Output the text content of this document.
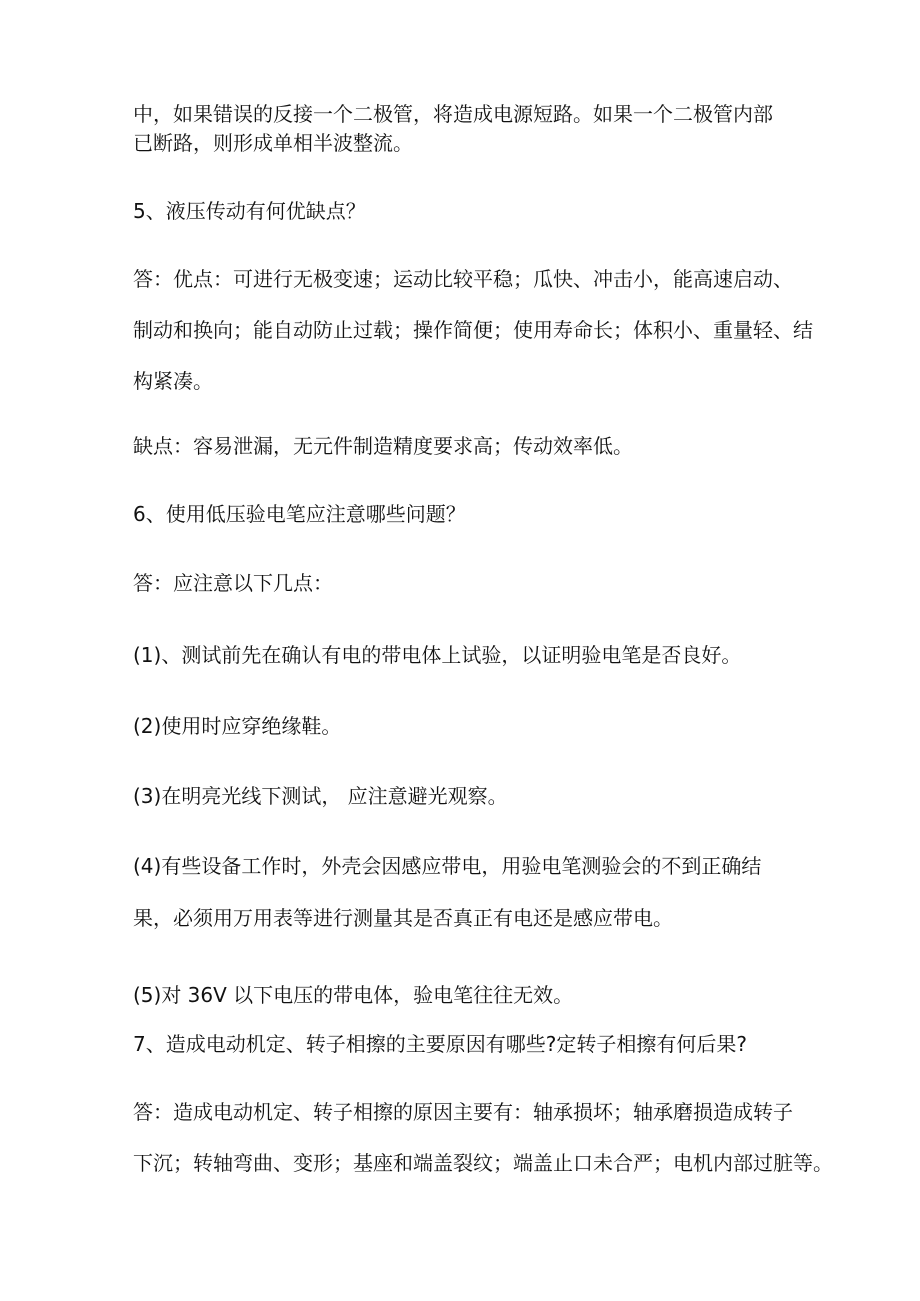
中，如果错误的反接一个二极管，将造成电源短路。如果一个二极管内部

已断路，则形成单相半波整流。

5、液压传动有何优缺点？

答：优点：可进行无极变速；运动比较平稳；瓜快、冲击小，能高速启动、

制动和换向；能自动防止过载；操作简便；使用寿命长；体积小、重量轻、结

构紧凑。

缺点：容易泄漏，无元件制造精度要求高；传动效率低。

6、使用低压验电笔应注意哪些问题？

答：应注意以下几点：

(1)、测试前先在确认有电的带电体上试验，以证明验电笔是否良好。

(2)使用时应穿绝缘鞋。

(3)在明亮光线下测试， 应注意避光观察。

(4)有些设备工作时，外壳会因感应带电，用验电笔测验会的不到正确结

果，必须用万用表等进行测量其是否真正有电还是感应带电。

(5)对 36V 以下电压的带电体，验电笔往往无效。

7、造成电动机定、转子相擦的主要原因有哪些?定转子相擦有何后果?

答：造成电动机定、转子相擦的原因主要有：轴承损坏；轴承磨损造成转子

下沉；转轴弯曲、变形；基座和端盖裂纹；端盖止口未合严；电机内部过脏等。
